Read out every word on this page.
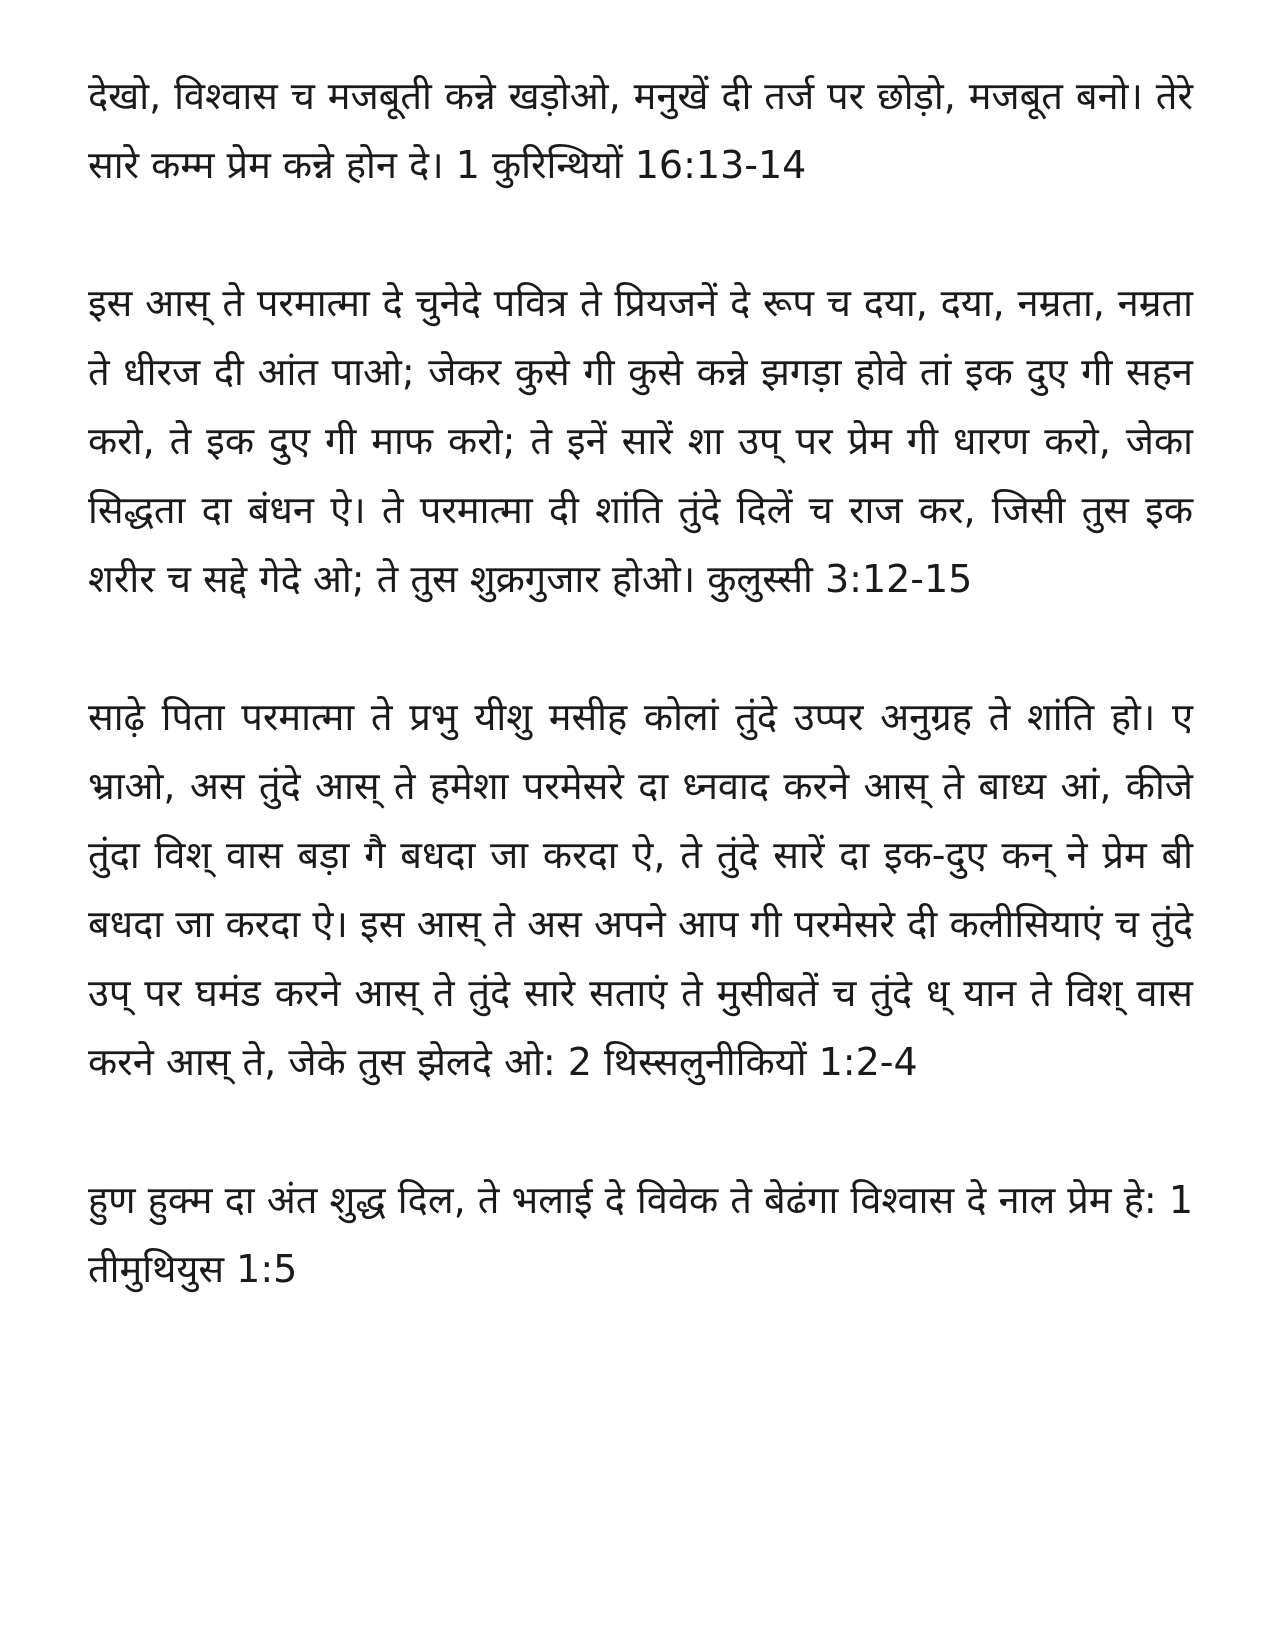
देखो, विश्वास च मजबूती कन्ने खड़ोओ, मनुखें दी तर्ज पर छोड़ो, मजबूत बनो। तेरे सारे कम्म प्रेम कन्ने होन दे। 1 कुरिन्थियों 16:13-14

इस आस् ते परमात्मा दे चुनेदे पवित्र ते प्रियजनें दे रूप च दया, दया, नम्रता, नम्रता ते धीरज दी आंत पाओ; जेकर कुसे गी कुसे कन्ने झगड़ा होवे तां इक दुए गी सहन करो, ते इक दुए गी माफ करो; ते इनें सारें शा उप् पर प्रेम गी धारण करो, जेका सिद्धता दा बंधन ऐ। ते परमात्मा दी शांति तुंदे दिलें च राज कर, जिसी तुस इक शरीर च सद्दे गेदे ओ; ते तुस शुक्रगुजार होओ। कुलुस्सी 3:12-15

साढ़े पिता परमात्मा ते प्रभु यीशु मसीह कोलां तुंदे उप्पर अनुग्रह ते शांति हो। ए भ्राओ, अस तुंदे आस् ते हमेशा परमेसरे दा ध्नवाद करने आस् ते बाध्य आं, कीजे तुंदा विश् वास बड़ा गै बधदा जा करदा ऐ, ते तुंदे सारें दा इक-दुए कन् ने प्रेम बी बधदा जा करदा ऐ। इस आस् ते अस अपने आप गी परमेसरे दी कलीसियाएं च तुंदे उप् पर घमंड करने आस् ते तुंदे सारे सताएं ते मुसीबतें च तुंदे ध् यान ते विश् वास करने आस् ते, जेके तुस झेलदे ओ: 2 थिस्सलुनीकियों 1:2-4

हुण हुक्म दा अंत शुद्ध दिल, ते भलाई दे विवेक ते बेढंगा विश्वास दे नाल प्रेम हे: 1 तीमुथियुस 1:5
